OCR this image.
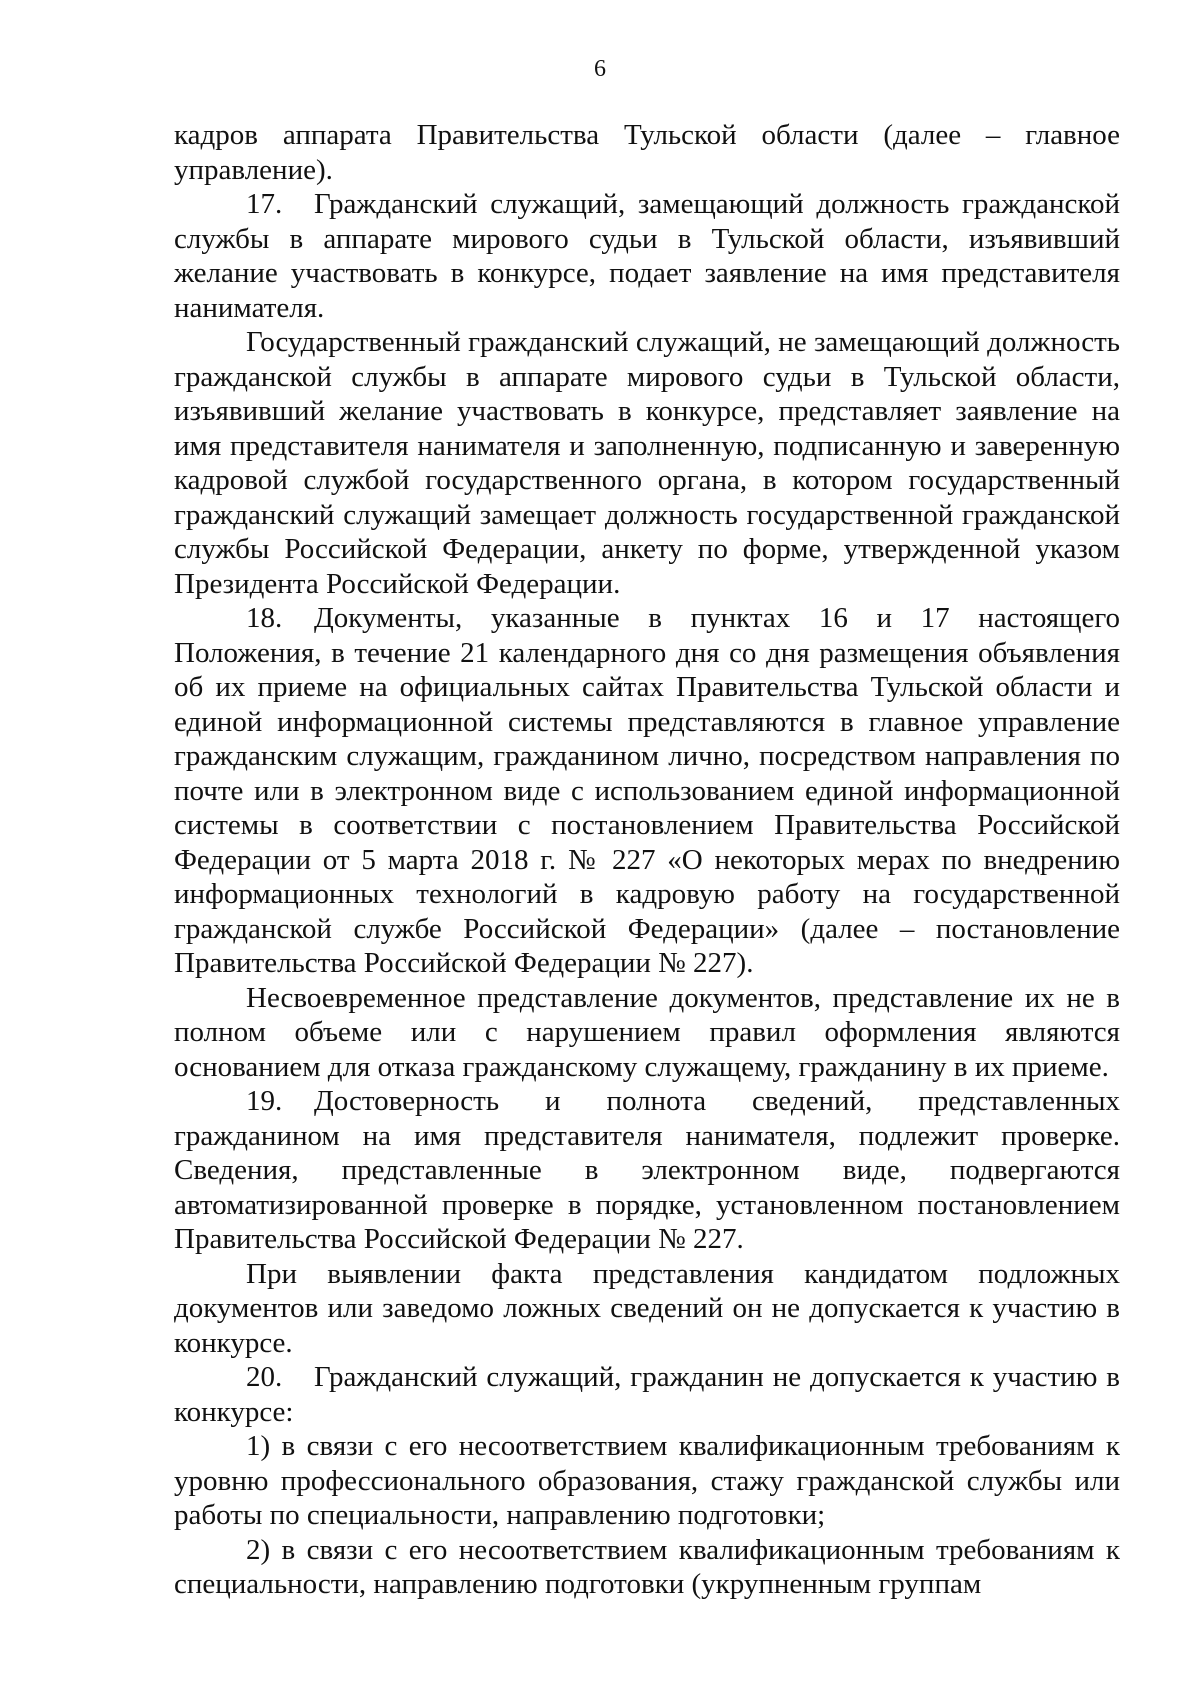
6

кадров аппарата Правительства Тульской области (далее – главное управление).

17. Гражданский служащий, замещающий должность гражданской службы в аппарате мирового судьи в Тульской области, изъявивший желание участвовать в конкурсе, подает заявление на имя представителя нанимателя.

Государственный гражданский служащий, не замещающий должность гражданской службы в аппарате мирового судьи в Тульской области, изъявивший желание участвовать в конкурсе, представляет заявление на имя представителя нанимателя и заполненную, подписанную и заверенную кадровой службой государственного органа, в котором государственный гражданский служащий замещает должность государственной гражданской службы Российской Федерации, анкету по форме, утвержденной указом Президента Российской Федерации.

18. Документы, указанные в пунктах 16 и 17 настоящего Положения, в течение 21 календарного дня со дня размещения объявления об их приеме на официальных сайтах Правительства Тульской области и единой информационной системы представляются в главное управление гражданским служащим, гражданином лично, посредством направления по почте или в электронном виде с использованием единой информационной системы в соответствии с постановлением Правительства Российской Федерации от 5 марта 2018 г. № 227 «О некоторых мерах по внедрению информационных технологий в кадровую работу на государственной гражданской службе Российской Федерации» (далее – постановление Правительства Российской Федерации № 227).

Несвоевременное представление документов, представление их не в полном объеме или с нарушением правил оформления являются основанием для отказа гражданскому служащему, гражданину в их приеме.

19. Достоверность и полнота сведений, представленных гражданином на имя представителя нанимателя, подлежит проверке. Сведения, представленные в электронном виде, подвергаются автоматизированной проверке в порядке, установленном постановлением Правительства Российской Федерации № 227.

При выявлении факта представления кандидатом подложных документов или заведомо ложных сведений он не допускается к участию в конкурсе.

20. Гражданский служащий, гражданин не допускается к участию в конкурсе:

1) в связи с его несоответствием квалификационным требованиям к уровню профессионального образования, стажу гражданской службы или работы по специальности, направлению подготовки;

2) в связи с его несоответствием квалификационным требованиям к специальности, направлению подготовки (укрупненным группам
